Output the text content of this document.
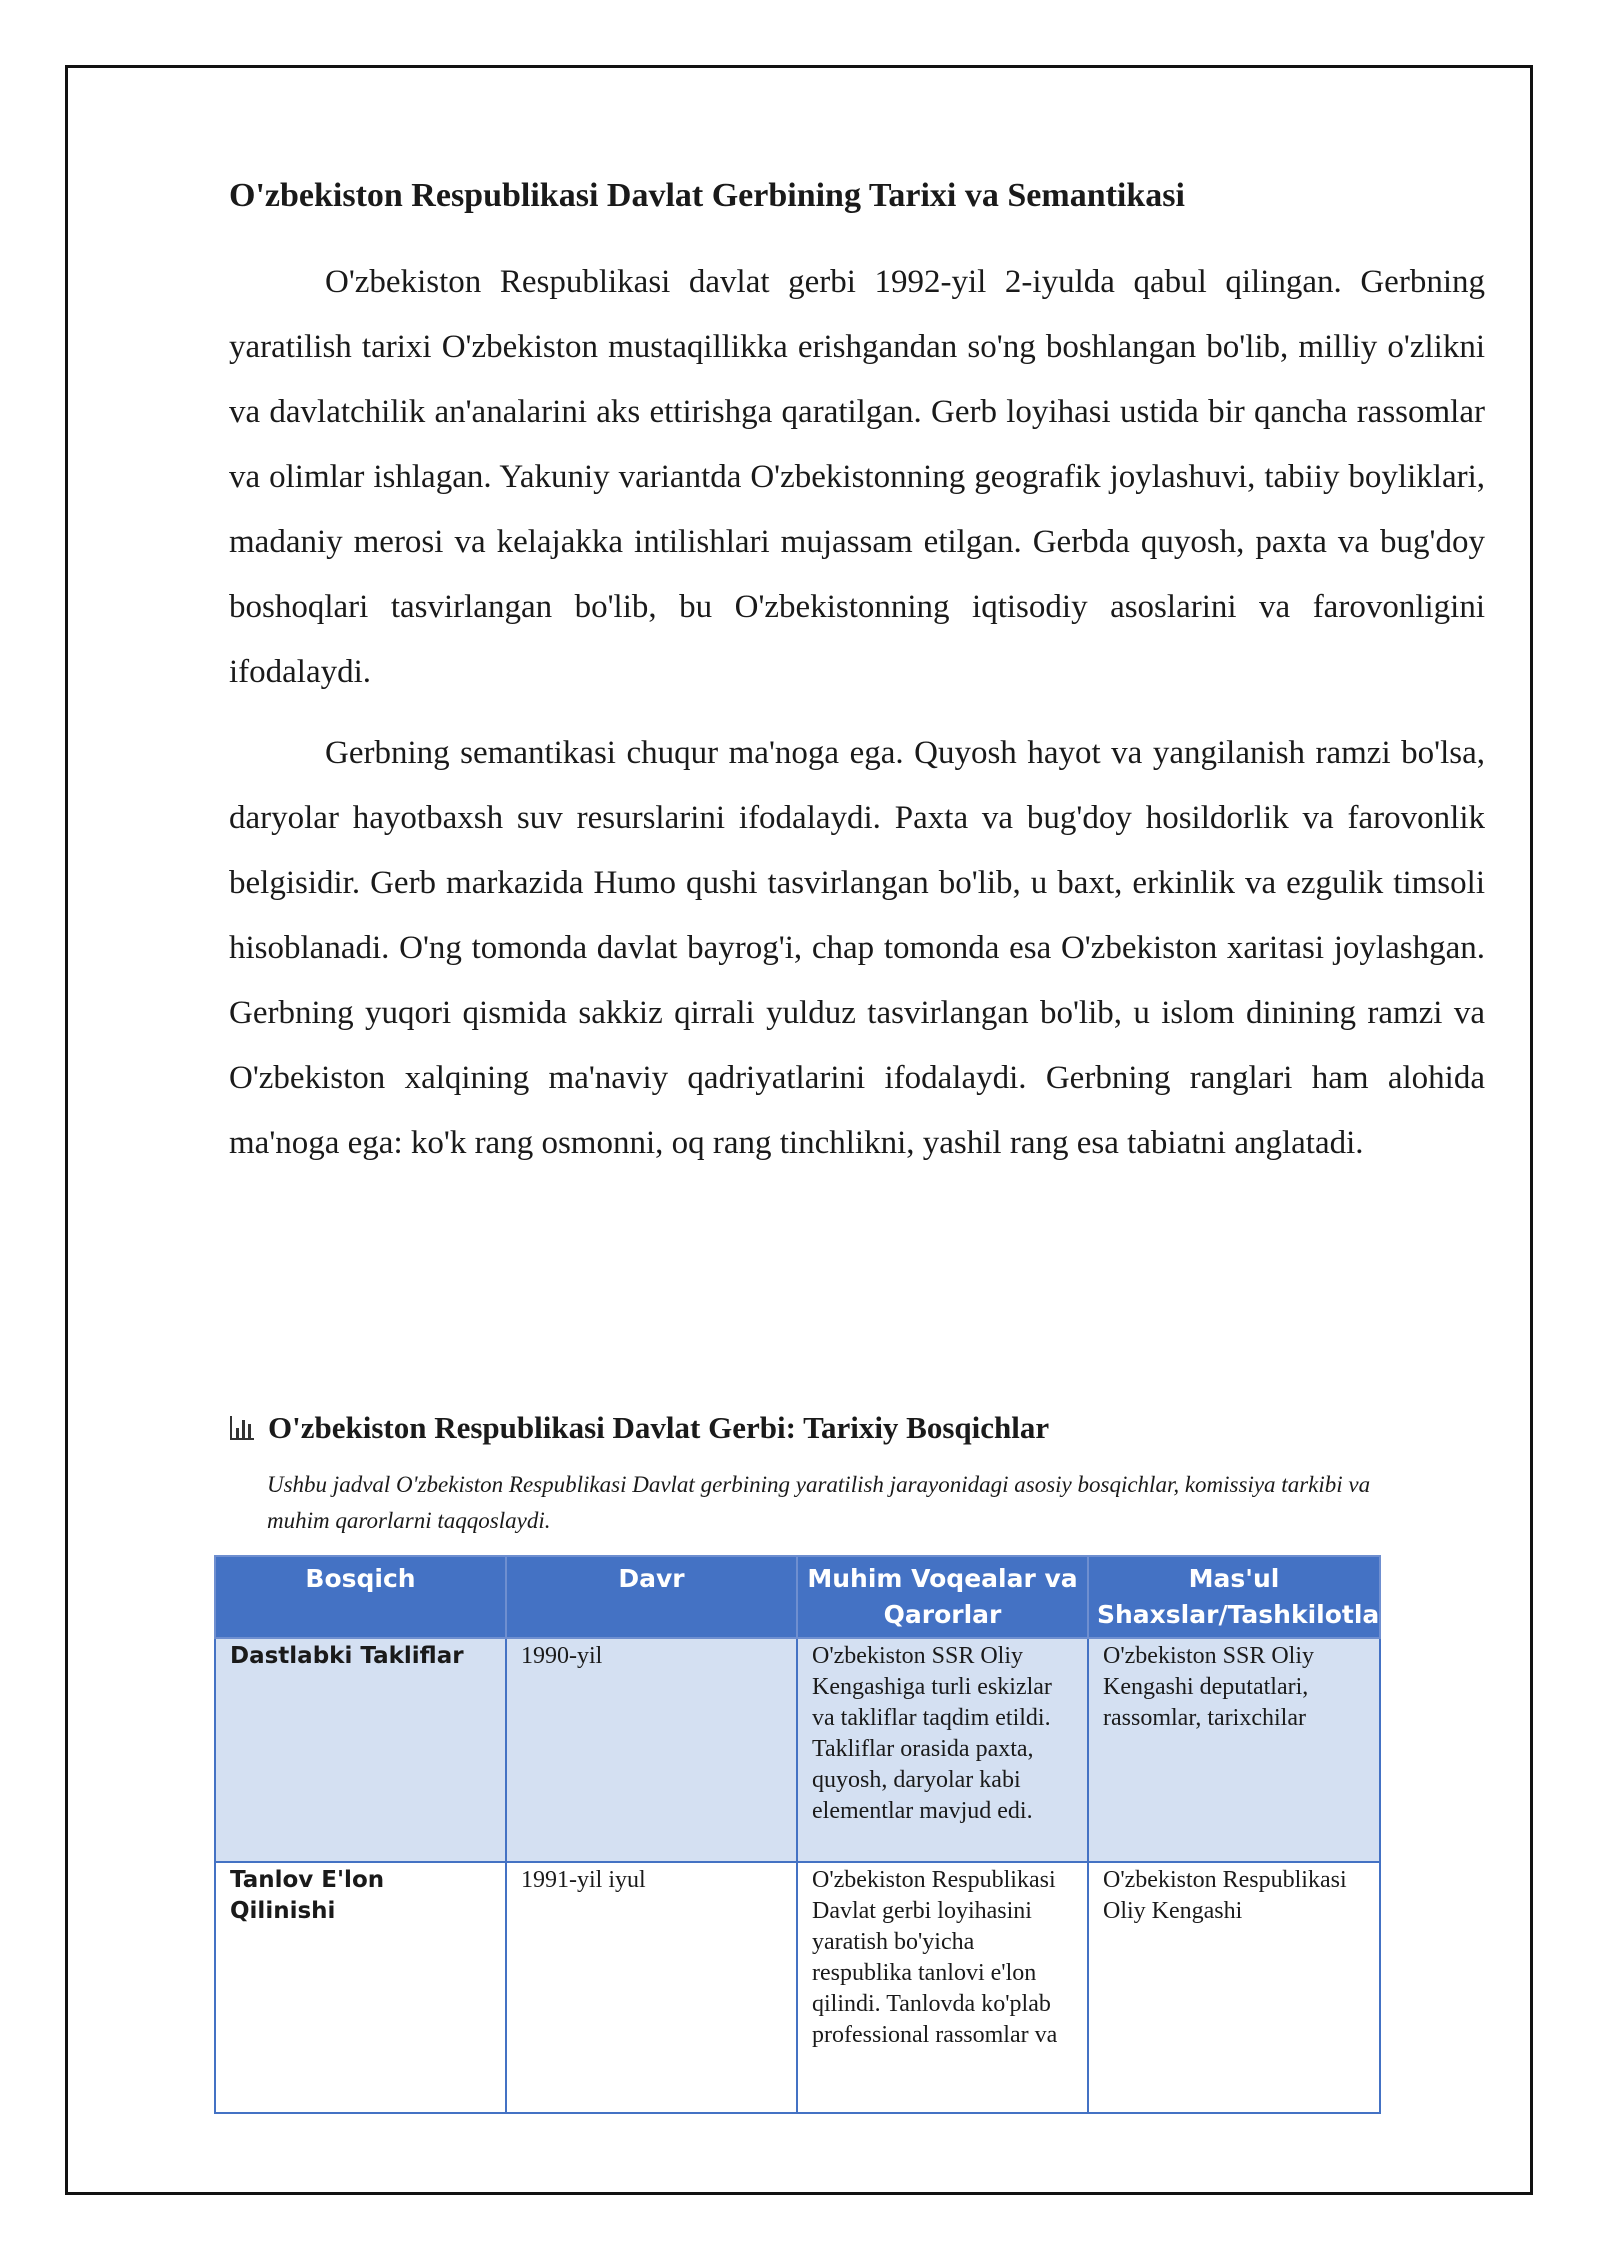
O'zbekiston Respublikasi Davlat Gerbining Tarixi va Semantikasi

O'zbekiston Respublikasi davlat gerbi 1992-yil 2-iyulda qabul qilingan. Gerbning yaratilish tarixi O'zbekiston mustaqillikka erishgandan so'ng boshlangan bo'lib, milliy o'zlikni va davlatchilik an'analarini aks ettirishga qaratilgan. Gerb loyihasi ustida bir qancha rassomlar va olimlar ishlagan. Yakuniy variantda O'zbekistonning geografik joylashuvi, tabiiy boyliklari, madaniy merosi va kelajakka intilishlari mujassam etilgan. Gerbda quyosh, paxta va bug'doy boshoqlari tasvirlangan bo'lib, bu O'zbekistonning iqtisodiy asoslarini va farovonligini ifodalaydi.

Gerbning semantikasi chuqur ma'noga ega. Quyosh hayot va yangilanish ramzi bo'lsa, daryolar hayotbaxsh suv resurslarini ifodalaydi. Paxta va bug'doy hosildorlik va farovonlik belgisidir. Gerb markazida Humo qushi tasvirlangan bo'lib, u baxt, erkinlik va ezgulik timsoli hisoblanadi. O'ng tomonda davlat bayrog'i, chap tomonda esa O'zbekiston xaritasi joylashgan. Gerbning yuqori qismida sakkiz qirrali yulduz tasvirlangan bo'lib, u islom dinining ramzi va O'zbekiston xalqining ma'naviy qadriyatlarini ifodalaydi. Gerbning ranglari ham alohida ma'noga ega: ko'k rang osmonni, oq rang tinchlikni, yashil rang esa tabiatni anglatadi.

O'zbekiston Respublikasi Davlat Gerbi: Tarixiy Bosqichlar
Ushbu jadval O'zbekiston Respublikasi Davlat gerbining yaratilish jarayonidagi asosiy bosqichlar, komissiya tarkibi va muhim qarorlarni taqqoslaydi.
Bosqich	Davr	Muhim Voqealar va Qarorlar	Mas'ul Shaxslar/Tashkilotlar
Dastlabki Takliflar	1990-yil	O'zbekiston SSR Oliy Kengashiga turli eskizlar va takliflar taqdim etildi. Takliflar orasida paxta, quyosh, daryolar kabi elementlar mavjud edi.	O'zbekiston SSR Oliy Kengashi deputatlari, rassomlar, tarixchilar
Tanlov E'lon Qilinishi	1991-yil iyul	O'zbekiston Respublikasi Davlat gerbi loyihasini yaratish bo'yicha respublika tanlovi e'lon qilindi. Tanlovda ko'plab professional rassomlar va	O'zbekiston Respublikasi Oliy Kengashi
